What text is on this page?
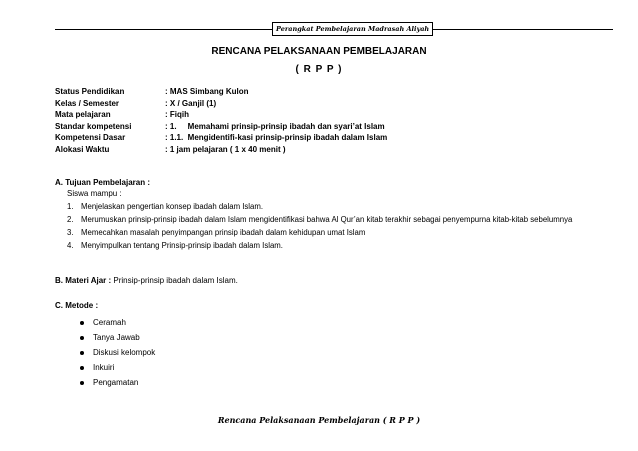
Perangkat Pembelajaran Madrasah Aliyah
RENCANA PELAKSANAAN PEMBELAJARAN
( R P P )
Status Pendidikan	: MAS Simbang Kulon
Kelas / Semester	: X / Ganjil (1)
Mata pelajaran	: Fiqih
Standar kompetensi	: 1.     Memahami prinsip-prinsip ibadah dan syari’at Islam
Kompetensi Dasar	: 1.1.  Mengidentifi-kasi prinsip-prinsip ibadah dalam Islam
Alokasi Waktu	: 1 jam pelajaran ( 1 x 40 menit )
A. Tujuan Pembelajaran :
Siswa mampu :
1. Menjelaskan pengertian konsep ibadah dalam Islam.
2. Merumuskan prinsip-prinsip ibadah dalam Islam mengidentifikasi bahwa Al Qur’an kitab terakhir sebagai penyempurna kitab-kitab sebelumnya
3. Memecahkan masalah penyimpangan prinsip ibadah dalam kehidupan umat Islam
4. Menyimpulkan tentang Prinsip-prinsip ibadah dalam Islam.
B. Materi Ajar : Prinsip-prinsip ibadah dalam Islam.
C. Metode :
Ceramah
Tanya Jawab
Diskusi kelompok
Inkuiri
Pengamatan
Rencana Pelaksanaan Pembelajaran ( R P P )
